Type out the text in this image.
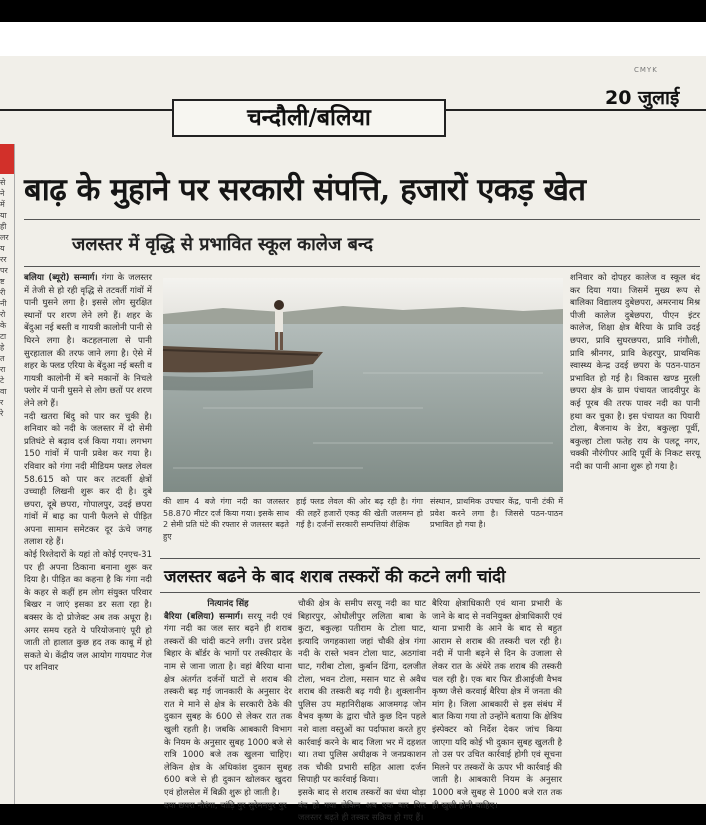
CMYK
20 जुलाई
चन्दौली/बलिया
से
ने
में
या
ही
लर
य
रर
पर
ष्ट
री
नी
रो
के
टा
हे
त
रा
टे
वा
र
रे
बाढ़ के मुहाने पर सरकारी संपत्ति, हजारों एकड़ खेत
जलस्तर में वृद्धि से प्रभावित स्कूल कालेज बन्द
बलिया (ब्यूरो) सन्मार्ग। गंगा के जलस्तर में तेजी से हो रही वृद्धि से तटवर्ती गांवों में पानी घुसने लगा है। इससे लोग सुरक्षित स्थानों पर शरण लेने लगे हैं। शहर के बेंदुआ नई बस्ती व गायत्री कालोनी पानी से घिरने लगा है। कटहलनाला से पानी सुरहाताल की तरफ जाने लगा है। ऐसे में शहर के फ्लड एरिया के बेंदुआ नई बस्ती व गायत्री कालोनी में बने मकानों के निचले फ्लोर में पानी घुसने से लोग छतों पर शरण लेने लगे हैं।
नदी खतरा बिंदु को पार कर चुकी है। शनिवार को नदी के जलस्तर में दो सेमी प्रतिघंटे से बढ़ाव दर्ज किया गया। लगभग 150 गांवों में पानी प्रवेश कर गया है। रविवार को गंगा नदी मीडियम फ्लड लेवल 58.615 को पार कर तटवर्ती क्षेत्रों उच्चाही लिखनी शुरू कर दी है। दुबे छपरा, दूबे छपरा, गोपालपुर, उदई छपरा गांवों में बाढ़ का पानी फैलने से पीड़ित अपना सामान समेटकर दूर ऊंचे जगह तलाश रहे हैं।
कोई रिश्तेदारों के यहां तो कोई एनएच-31 पर ही अपना ठिकाना बनाना शुरू कर दिया है। पीड़ित का कहना है कि गंगा नदी के कहर से कहीं हम लोग संयुक्त परिवार बिखर न जाएं इसका डर सता रहा है। बक्सर के दो प्रोजेक्ट अब तक अधूरा है। अगर समय रहते ये परियोजनाएं पूरी हो जाती तो हालात कुछ हद तक काबू में हो सकते थे। केंद्रीय जल आयोग गायघाट गेज पर शनिवार
की शाम 4 बजे गंगा नदी का जलस्तर 58.870 मीटर दर्ज किया गया। इसके साथ 2 सेमी प्रति घंटे की रफ्तार से जलस्तर बढ़ते हुए
हाई फ्लड लेवल की ओर बढ़ रही है। गंगा की लहरें हजारों एकड़ की खेती जलमग्न हो गई है। दर्जनों सरकारी सम्पत्तियां शैक्षिक
संस्थान, प्राथमिक उपचार केंद्र, पानी टंकी में प्रवेश करने लगा है। जिससे पठन-पाठन प्रभावित हो गया है।
शनिवार को दोपहर कालेज व स्कूल बंद कर दिया गया। जिसमें मुख्य रूप से बालिका विद्यालय दुबेछपरा, अमरनाथ मिश्र पीजी कालेज दुबेछपरा, पीएन इंटर कालेज, शिक्षा क्षेत्र बैरिया के प्रावि उदई छपरा, प्रावि सुघरछपरा, प्रावि गंगौली, प्रावि श्रीनगर, प्रावि केहरपुर, प्राथमिक स्वास्थ्य केन्द्र उदई छपरा के पठन-पाठन प्रभावित हो गई है। विकास खण्ड मुरली छपरा क्षेत्र के ग्राम पंचायत जादवीपुर के कई पूरब की तरफ पावर नदी का पानी हथा कर चुका है। इस पंचायत का पियारी टोला, बैजनाथ के डेरा, बकुल्हा पूर्वी, बकुल्हा टोला फतेह राय के पलटू नगर, चक्की नौरंगीपर आदि पूर्वी के निकट सरयू नदी का पानी आना शुरू हो गया है।
जलस्तर बढने के बाद शराब तस्करों की कटने लगी चांदी
नित्यानंद सिंह
बैरिया (बलिया) सन्मार्ग। सरयू नदी एवं गंगा नदी का जल स्तर बढ़ने ही शराब तस्करों की चांदी कटने लगी। उत्तर प्रदेश बिहार के बॉर्डर के भागों पर तस्कीदार के नाम से जाना जाता है। वहां बैरिया थाना क्षेत्र अंतर्गत दर्जनों घाटों से शराब की तस्करी बढ़ गई जानकारी के अनुसार देर रात मे माने से क्षेत्र के सरकारी ठेके की दुकान सुबह के 600 से लेकर रात तक खुली रहती है। जबकि आबकारी विभाग के नियम के अनुसार सुबह 1000 बजे से रात्रि 1000 बजे तक खुलना चाहिए। लेकिन क्षेत्र के अधिकांश दुकान सुबह 600 बजे से ही दुकान खोलकर खुदरा एवं होलसेल में बिक्री शुरू हो जाती है।
दया छपरा नौरंगा, चांड़ि पुर सुरेमनपुर पुर
चौकी क्षेत्र के समीप सरयू नदी का घाट बिहारपुर, ओधौलीपुर ललिता बाबा के कुटा, बकुल्हा पतीराम के टोला घाट, इत्यादि जगहकाशा जहां चौकी क्षेत्र गंगा नदी के रास्ते भवन टोला घाट, अठगांवा घाट, गरीबा टोला, कुर्बान ढिंगा, दलजीत टोला, भवन टोला, मसान घाट से अवैध शराब की तस्करी बढ़ गयी है। शुक्लानीन पुलिस उप महानिरीक्षक आजमगढ़ जोन वैभव कृष्ण के द्वारा चौते कुछ दिन पहले नशे वाला वस्तुओं का पर्दाफाश करते हुए कार्रवाई करने के बाद जिला भर में दहशत था। तथा पुलिस अधीक्षक ने जनप्रकाशन तक चौकी प्रभारी सहित आला दर्जन सिपाही पर कार्रवाई किया।
इसके बाद से शराब तस्करों का धंधा थोड़ा बंद हो गया लेकिन अब एक बार फिर जलस्तर बढ़ते ही तस्कर सक्रिय हो गए हैं।
बैरिया क्षेत्राधिकारी एवं थाना प्रभारी के जाने के बाद से नवनियुक्त क्षेत्राधिकारी एवं थाना प्रभारी के आने के बाद से बहुत आराम से शराब की तस्करी चल रही है। नदी में पानी बढ़ने से दिन के उजाला से लेकर रात के अंधेरे तक शराब की तस्करी चल रही है। एक बार फिर डीआईजी वैभव कृष्ण जैसे करवाई बैरिया क्षेत्र में जनता की मांग है। जिला आबकारी से इस संबंध में बात किया गया तो उन्होंने बताया कि क्षेत्रिय इंस्पेक्टर को निर्देश देकर जांच किया जाएगा यदि कोई भी दुकान सुबह खुलती है तो उस पर उचित कार्रवाई होगी एवं सूचना मिलने पर तस्करों के ऊपर भी कार्रवाई की जाती है। आबकारी नियम के अनुसार 1000 बजे सुबह से 1000 बजे रात तक ही खुली होनी चाहिए।
